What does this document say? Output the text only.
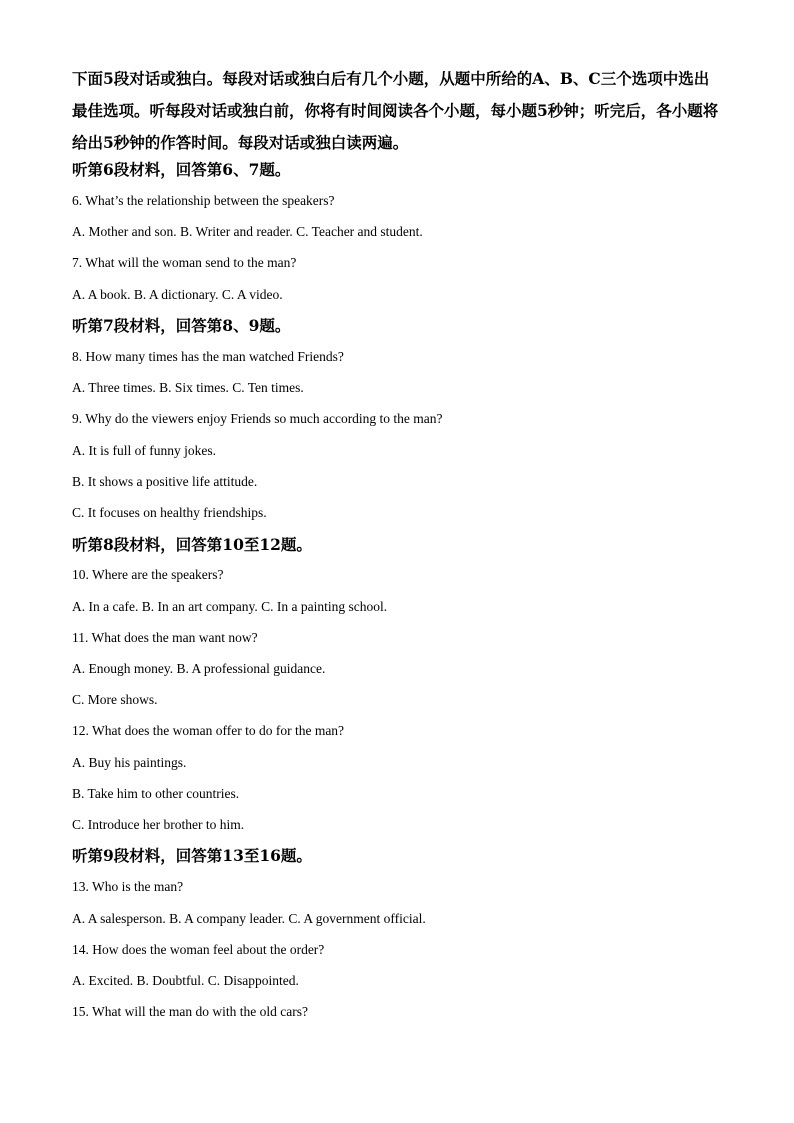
下面5段对话或独白。每段对话或独白后有几个小题，从题中所给的A、B、C三个选项中选出最佳选项。听每段对话或独白前，你将有时间阅读各个小题，每小题5秒钟；听完后，各小题将给出5秒钟的作答时间。每段对话或独白读两遍。

听第6段材料，回答第6、7题。

6. What’s the relationship between the speakers?

A. Mother and son. B. Writer and reader. C. Teacher and student.

7. What will the woman send to the man?

A. A book. B. A dictionary. C. A video.

听第7段材料，回答第8、9题。

8. How many times has the man watched Friends?

A. Three times. B. Six times. C. Ten times.

9. Why do the viewers enjoy Friends so much according to the man?

A. It is full of funny jokes.

B. It shows a positive life attitude.

C. It focuses on healthy friendships.

听第8段材料，回答第10至12题。

10. Where are the speakers?

A. In a cafe. B. In an art company. C. In a painting school.

11. What does the man want now?

A. Enough money. B. A professional guidance.

C. More shows.

12. What does the woman offer to do for the man?

A. Buy his paintings.

B. Take him to other countries.

C. Introduce her brother to him.

听第9段材料，回答第13至16题。

13. Who is the man?

A. A salesperson. B. A company leader. C. A government official.

14. How does the woman feel about the order?

A. Excited. B. Doubtful. C. Disappointed.

15. What will the man do with the old cars?
